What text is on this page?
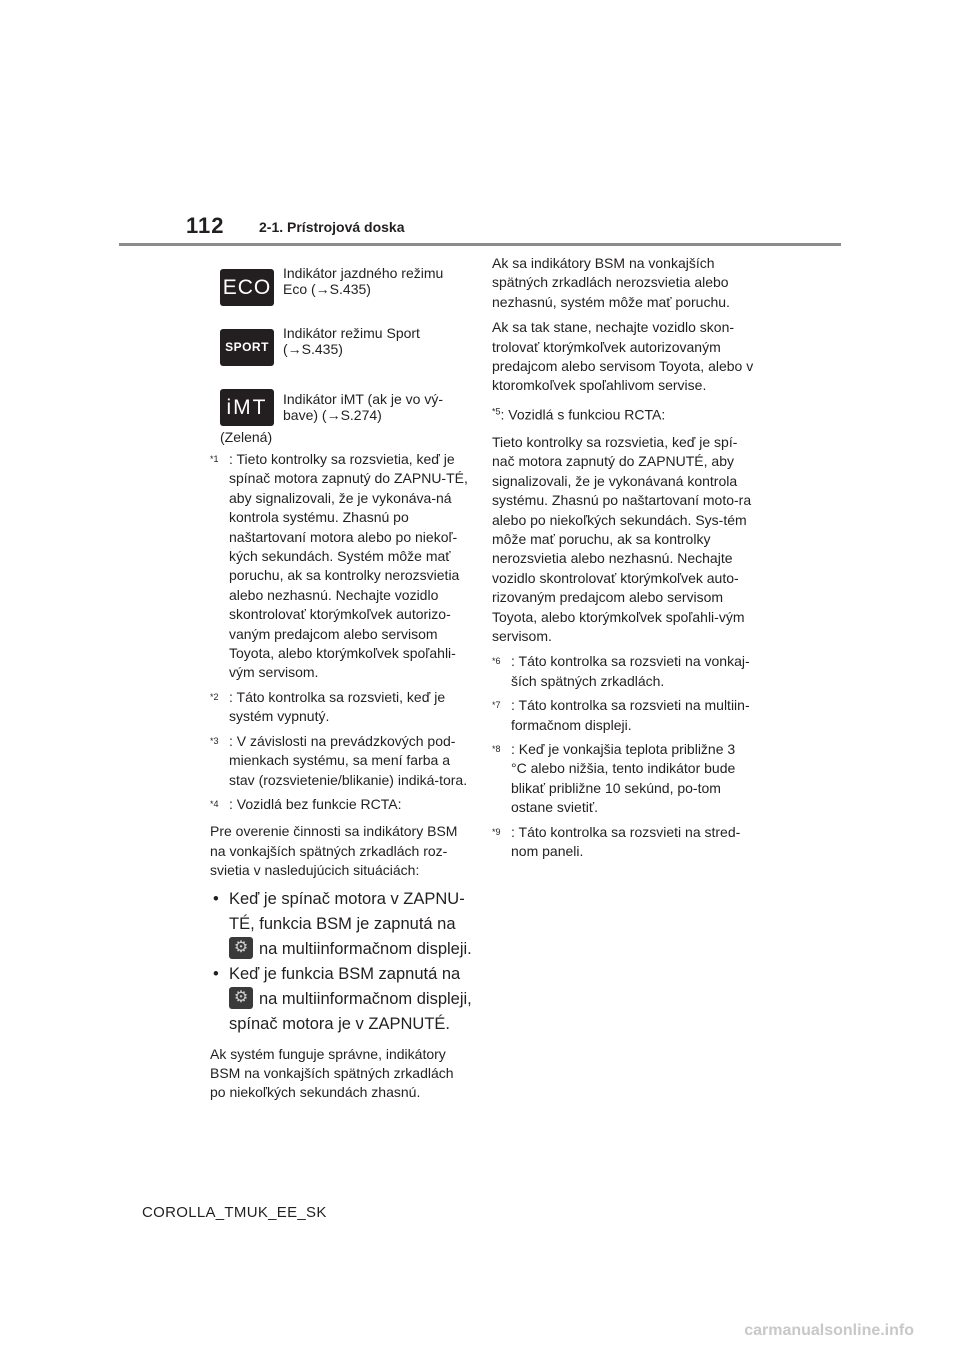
112 2-1. Prístrojová doska
ECO
Indikátor jazdného režimu
Eco (→S.435)
SPORT
Indikátor režimu Sport
(→S.435)
iMT	Indikátor iMT (ak je vo vý-
bave) (→S.274)
(Zelená)
$^{*1}$ : Tieto kontrolky sa rozsvietia, keď je spínač motora zapnutý do ZAPNU-TÉ, aby signalizovali, že je vykonáva-ná kontrola systému. Zhasnú po naštartovaní motora alebo po niekoľ-kých sekundách. Systém môže mať poruchu, ak sa kontrolky nerozsvietia alebo nezhasnú. Nechajte vozidlo skontrolovať ktorýmkoľvek autorizo-vaným predajcom alebo servisom Toyota, alebo ktorýmkoľvek spoľahli-vým servisom.
$^{*2}$ : Táto kontrolka sa rozsvieti, keď je systém vypnutý.
$^{*3}$ : V závislosti na prevádzkových pod-mienkach systému, sa mení farba a stav (rozsvietenie/blikanie) indiká-tora.
$^{*4}$ : Vozidlá bez funkcie RCTA:

Pre overenie činnosti sa indikátory BSM na vonkajších spätných zrkadlách roz-svietia v nasledujúcich situáciách:

• Keď je spínač motora v ZAPNU-TÉ, funkcia BSM je zapnutá na
⚙na multiinformačnom displeji.
• Keď je funkcia BSM zapnutá na
⚙na multiinformačnom displeji,
spínač motora je v ZAPNUTÉ.

Ak systém funguje správne, indikátory BSM na vonkajších spätných zrkadlách po niekoľkých sekundách zhasnú.

Ak sa indikátory BSM na vonkajších spätných zrkadlách nerozsvietia alebo nezhasnú, systém môže mať poruchu.

Ak sa tak stane, nechajte vozidlo skon-trolovať ktorýmkoľvek autorizovaným predajcom alebo servisom Toyota, alebo v ktoromkoľvek spoľahlivom servise.

$^{*5}$: Vozidlá s funkciou RCTA:

Tieto kontrolky sa rozsvietia, keď je spí-nač motora zapnutý do ZAPNUTÉ, aby signalizovali, že je vykonávaná kontrola systému. Zhasnú po naštartovaní moto-ra alebo po niekoľkých sekundách. Sys-tém môže mať poruchu, ak sa kontrolky nerozsvietia alebo nezhasnú. Nechajte vozidlo skontrolovať ktorýmkoľvek auto-rizovaným predajcom alebo servisom Toyota, alebo ktorýmkoľvek spoľahli-vým servisom.

$^{*6}$ : Táto kontrolka sa rozsvieti na vonkaj-ších spätných zrkadlách.
$^{*7}$ : Táto kontrolka sa rozsvieti na multiin-formačnom displeji.
$^{*8}$ : Keď je vonkajšia teplota približne 3 °C alebo nižšia, tento indikátor bude blikať približne 10 sekúnd, po-tom ostane svietiť.
$^{*9}$ : Táto kontrolka sa rozsvieti na stred-nom paneli.
COROLLA_TMUK_EE_SK
carmanualsonline.info
